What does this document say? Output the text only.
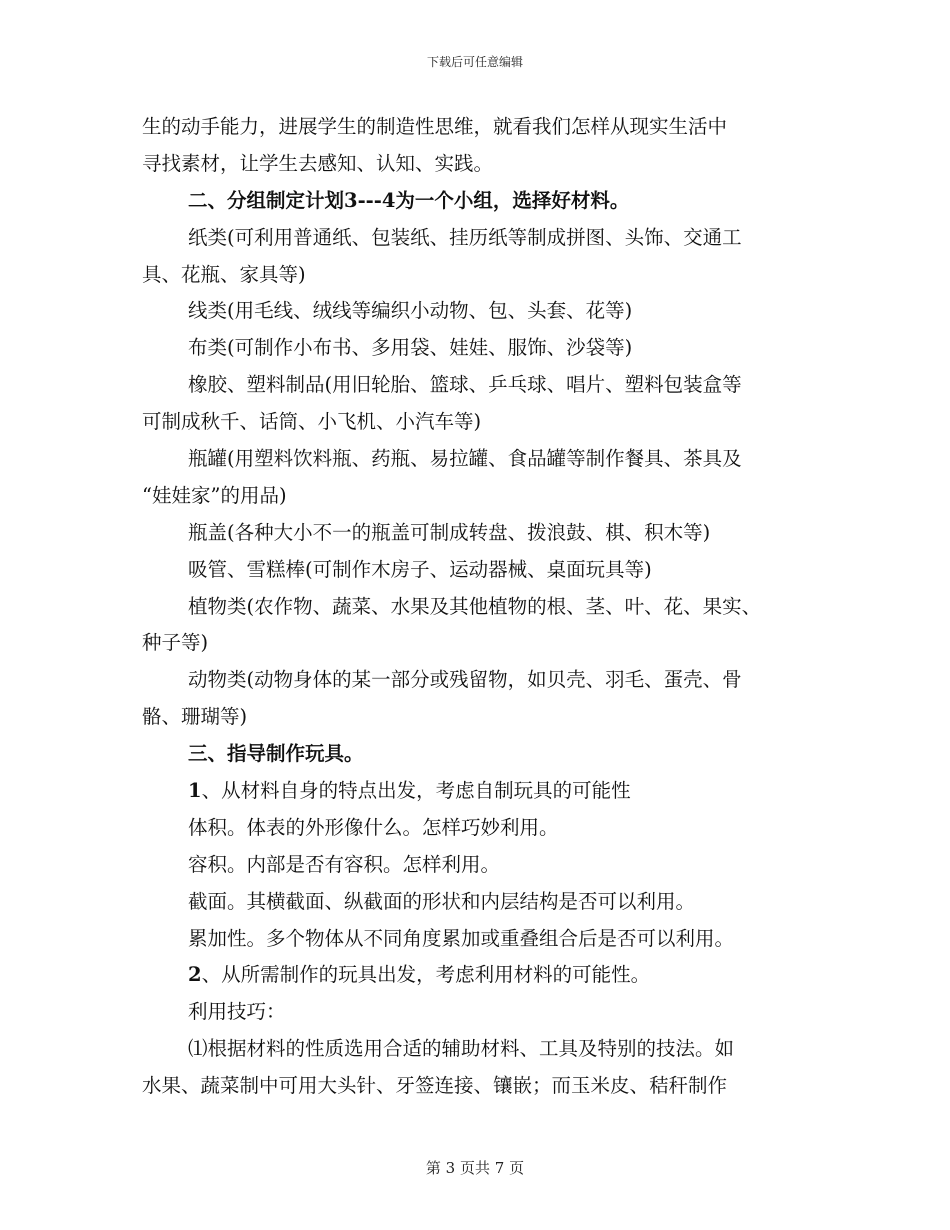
下载后可任意编辑
生的动手能力，进展学生的制造性思维，就看我们怎样从现实生活中
寻找素材，让学生去感知、认知、实践。
二、分组制定计划3---4为一个小组，选择好材料。
纸类(可利用普通纸、包装纸、挂历纸等制成拼图、头饰、交通工
具、花瓶、家具等)
线类(用毛线、绒线等编织小动物、包、头套、花等)
布类(可制作小布书、多用袋、娃娃、服饰、沙袋等)
橡胶、塑料制品(用旧轮胎、篮球、乒乓球、唱片、塑料包装盒等
可制成秋千、话筒、小飞机、小汽车等)
瓶罐(用塑料饮料瓶、药瓶、易拉罐、食品罐等制作餐具、茶具及
“娃娃家”的用品)
瓶盖(各种大小不一的瓶盖可制成转盘、拨浪鼓、棋、积木等)
吸管、雪糕棒(可制作木房子、运动器械、桌面玩具等)
植物类(农作物、蔬菜、水果及其他植物的根、茎、叶、花、果实、
种子等)
动物类(动物身体的某一部分或残留物，如贝壳、羽毛、蛋壳、骨
骼、珊瑚等)
三、指导制作玩具。
1、从材料自身的特点出发，考虑自制玩具的可能性
体积。体表的外形像什么。怎样巧妙利用。
容积。内部是否有容积。怎样利用。
截面。其横截面、纵截面的形状和内层结构是否可以利用。
累加性。多个物体从不同角度累加或重叠组合后是否可以利用。
2、从所需制作的玩具出发，考虑利用材料的可能性。
利用技巧：
⑴根据材料的性质选用合适的辅助材料、工具及特别的技法。如
水果、蔬菜制中可用大头针、牙签连接、镶嵌；而玉米皮、秸秆制作
第 3 页共 7 页
